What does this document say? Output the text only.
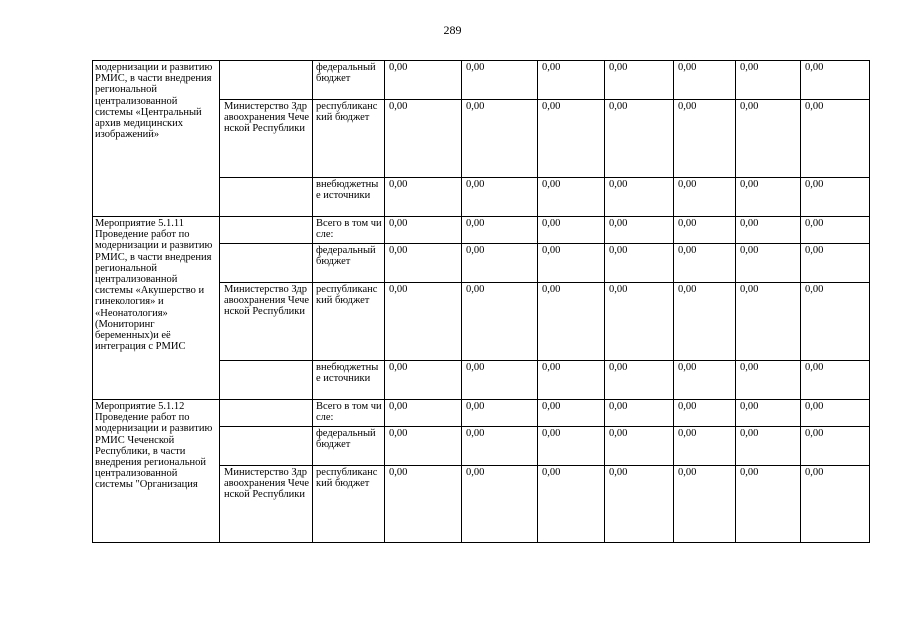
289
модернизации и развитию РМИС, в части внедрения региональной централизованной системы «Центральный архив медицинских изображений»		федеральный бюджет	0,00	0,00	0,00	0,00	0,00	0,00	0,00
	Министерство Здравоохранения Чеченской Республики	республиканский бюджет	0,00	0,00	0,00	0,00	0,00	0,00	0,00
		внебюджетные источники	0,00	0,00	0,00	0,00	0,00	0,00	0,00
Мероприятие 5.1.11 Проведение работ по модернизации и развитию РМИС, в части внедрения региональной централизованной системы «Акушерство и гинекология» и «Неонатология» (Мониторинг беременных)и её интеграция с РМИС		Всего в том числе:	0,00	0,00	0,00	0,00	0,00	0,00	0,00
		федеральный бюджет	0,00	0,00	0,00	0,00	0,00	0,00	0,00
	Министерство Здравоохранения Чеченской Республики	республиканский бюджет	0,00	0,00	0,00	0,00	0,00	0,00	0,00
		внебюджетные источники	0,00	0,00	0,00	0,00	0,00	0,00	0,00
Мероприятие 5.1.12 Проведение работ по модернизации и развитию РМИС Чеченской Республики, в части внедрения региональной централизованной системы "Организация		Всего в том числе:	0,00	0,00	0,00	0,00	0,00	0,00	0,00
		федеральный бюджет	0,00	0,00	0,00	0,00	0,00	0,00	0,00
	Министерство Здравоохранения Чеченской Республики	республиканский бюджет	0,00	0,00	0,00	0,00	0,00	0,00	0,00
